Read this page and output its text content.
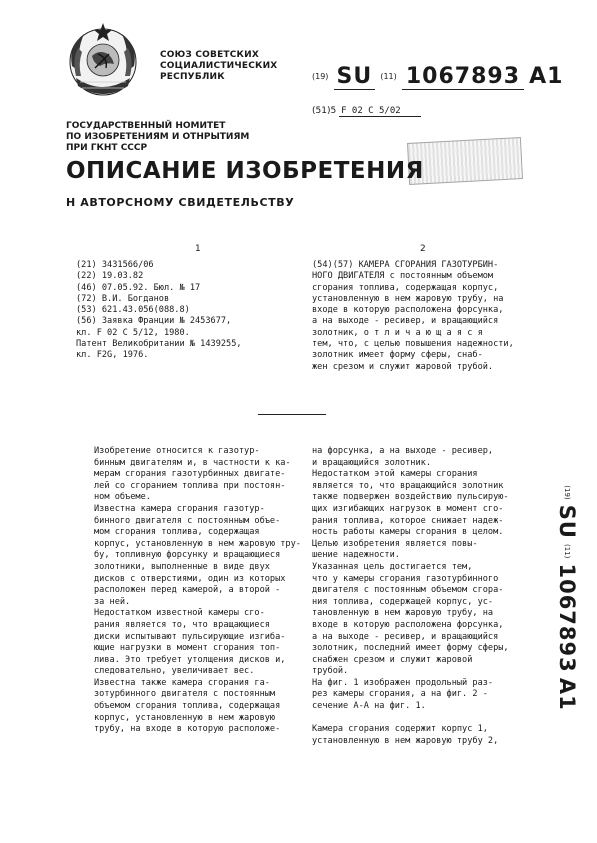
СОЮЗ СОВЕТСКИХ
СОЦИАЛИСТИЧЕСКИХ
РЕСПУБЛИК	(19) SU (11) 1067893 A1
(51)5 F 02 C 5/02
ГОСУДАРСТВЕННЫЙ НОМИТЕТ
ПО ИЗОБРЕТЕНИЯМ И ОТНРЫТИЯМ
ПРИ ГКНТ СССР
ОПИСАНИЕ ИЗОБРЕТЕНИЯ
Н АВТОРСНОМУ СВИДЕТЕЛЬСТВУ
1	2
(21) 3431566/06
(22) 19.03.82
(46) 07.05.92. Бюл. № 17
(72) В.И. Богданов
(53) 621.43.056(088.8)
(56) Заявка Франции № 2453677,
кл. F 02 C 5/12, 1980.
Патент Великобритании № 1439255,
кл. F2G, 1976.
(54)(57) КАМЕРА СГОРАНИЯ ГАЗОТУРБИН-
НОГО ДВИГАТЕЛЯ с постоянным объемом
сгорания топлива, содержащая корпус,
установленную в нем жаровую трубу, на
входе в которую расположена форсунка,
а на выходе - ресивер, и вращающийся
золотник, о т л и ч а ю щ а я с я
тем, что, с целью повышения надежности,
золотник имеет форму сферы, снаб-
жен срезом и служит жаровой трубой.
Изобретение относится к газотур-
бинным двигателям и, в частности к ка-
мерам сгорания газотурбинных двигате-
лей со сгоранием топлива при постоян-
ном объеме.
Известна камера сгорания газотур-
бинного двигателя с постоянным объе-
мом сгорания топлива, содержащая
корпус, установленную в нем жаровую тру-
бу, топливную форсунку и вращающиеся
золотники, выполненные в виде двух
дисков с отверстиями, один из которых
расположен перед камерой, а второй -
за ней.
Недостатком известной камеры сго-
рания является то, что вращающиеся
диски испытывают пульсирующие изгиба-
ющие нагрузки в момент сгорания топ-
лива. Это требует утолщения дисков и,
следовательно, увеличивает вес.
Известна также камера сгорания га-
зотурбинного двигателя с постоянным
объемом сгорания топлива, содержащая
корпус, установленную в нем жаровую
трубу, на входе в которую расположе-
на форсунка, а на выходе - ресивер,
и вращающийся золотник.
Недостатком этой камеры сгорания
является то, что вращающийся золотник
также подвержен воздействию пульсирую-
щих изгибающих нагрузок в момент сго-
рания топлива, которое снижает надеж-
ность работы камеры сгорания в целом.
Целью изобретения является повы-
шение надежности.
Указанная цель достигается тем,
что у камеры сгорания газотурбинного
двигателя с постоянным объемом сгора-
ния топлива, содержащей корпус, ус-
тановленную в нем жаровую трубу, на
входе в которую расположена форсунка,
а на выходе - ресивер, и вращающийся
золотник, последний имеет форму сферы,
снабжен срезом и служит жаровой
трубой.
На фиг. 1 изображен продольный раз-
рез камеры сгорания, а на фиг. 2 -
сечение А-А на фиг. 1.

Камера сгорания содержит корпус 1,
установленную в нем жаровую трубу 2,
(19) SU (11) 1067893 A1
